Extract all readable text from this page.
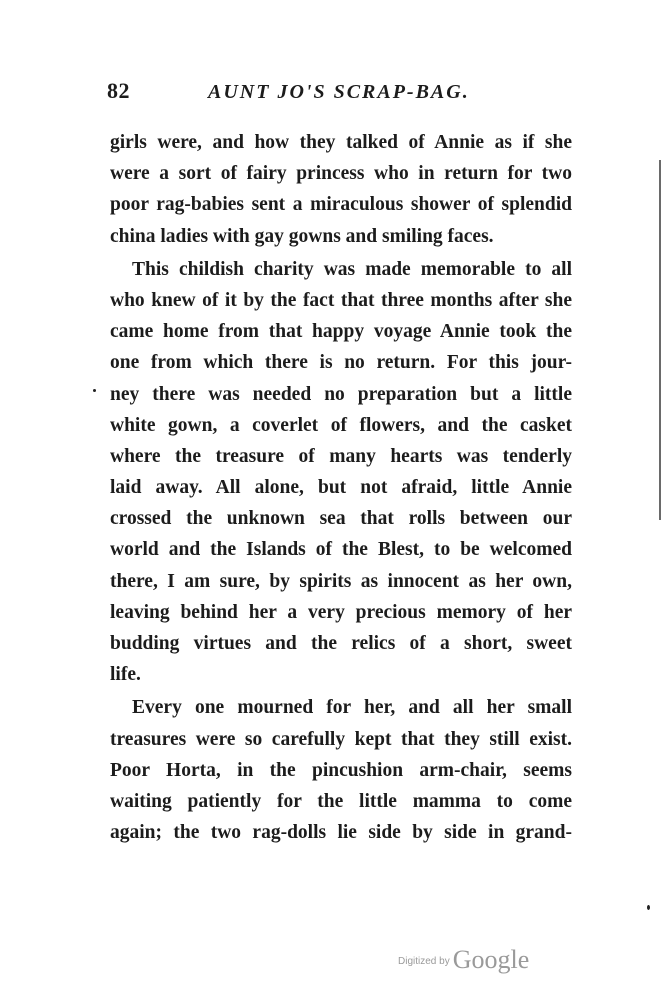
82	AUNT JO'S SCRAP-BAG.
girls were, and how they talked of Annie as if she
were a sort of fairy princess who in return for two
poor rag-babies sent a miraculous shower of splendid
china ladies with gay gowns and smiling faces.
This childish charity was made memorable to all
who knew of it by the fact that three months after she
came home from that happy voyage Annie took the
one from which there is no return. For this jour-
ney there was needed no preparation but a little
white gown, a coverlet of flowers, and the casket
where the treasure of many hearts was tenderly
laid away. All alone, but not afraid, little Annie
crossed the unknown sea that rolls between our
world and the Islands of the Blest, to be welcomed
there, I am sure, by spirits as innocent as her own,
leaving behind her a very precious memory of her
budding virtues and the relics of a short, sweet
life.
Every one mourned for her, and all her small
treasures were so carefully kept that they still exist.
Poor Horta, in the pincushion arm-chair, seems
waiting patiently for the little mamma to come
again; the two rag-dolls lie side by side in grand-
$^{Digitized by}$ Google
